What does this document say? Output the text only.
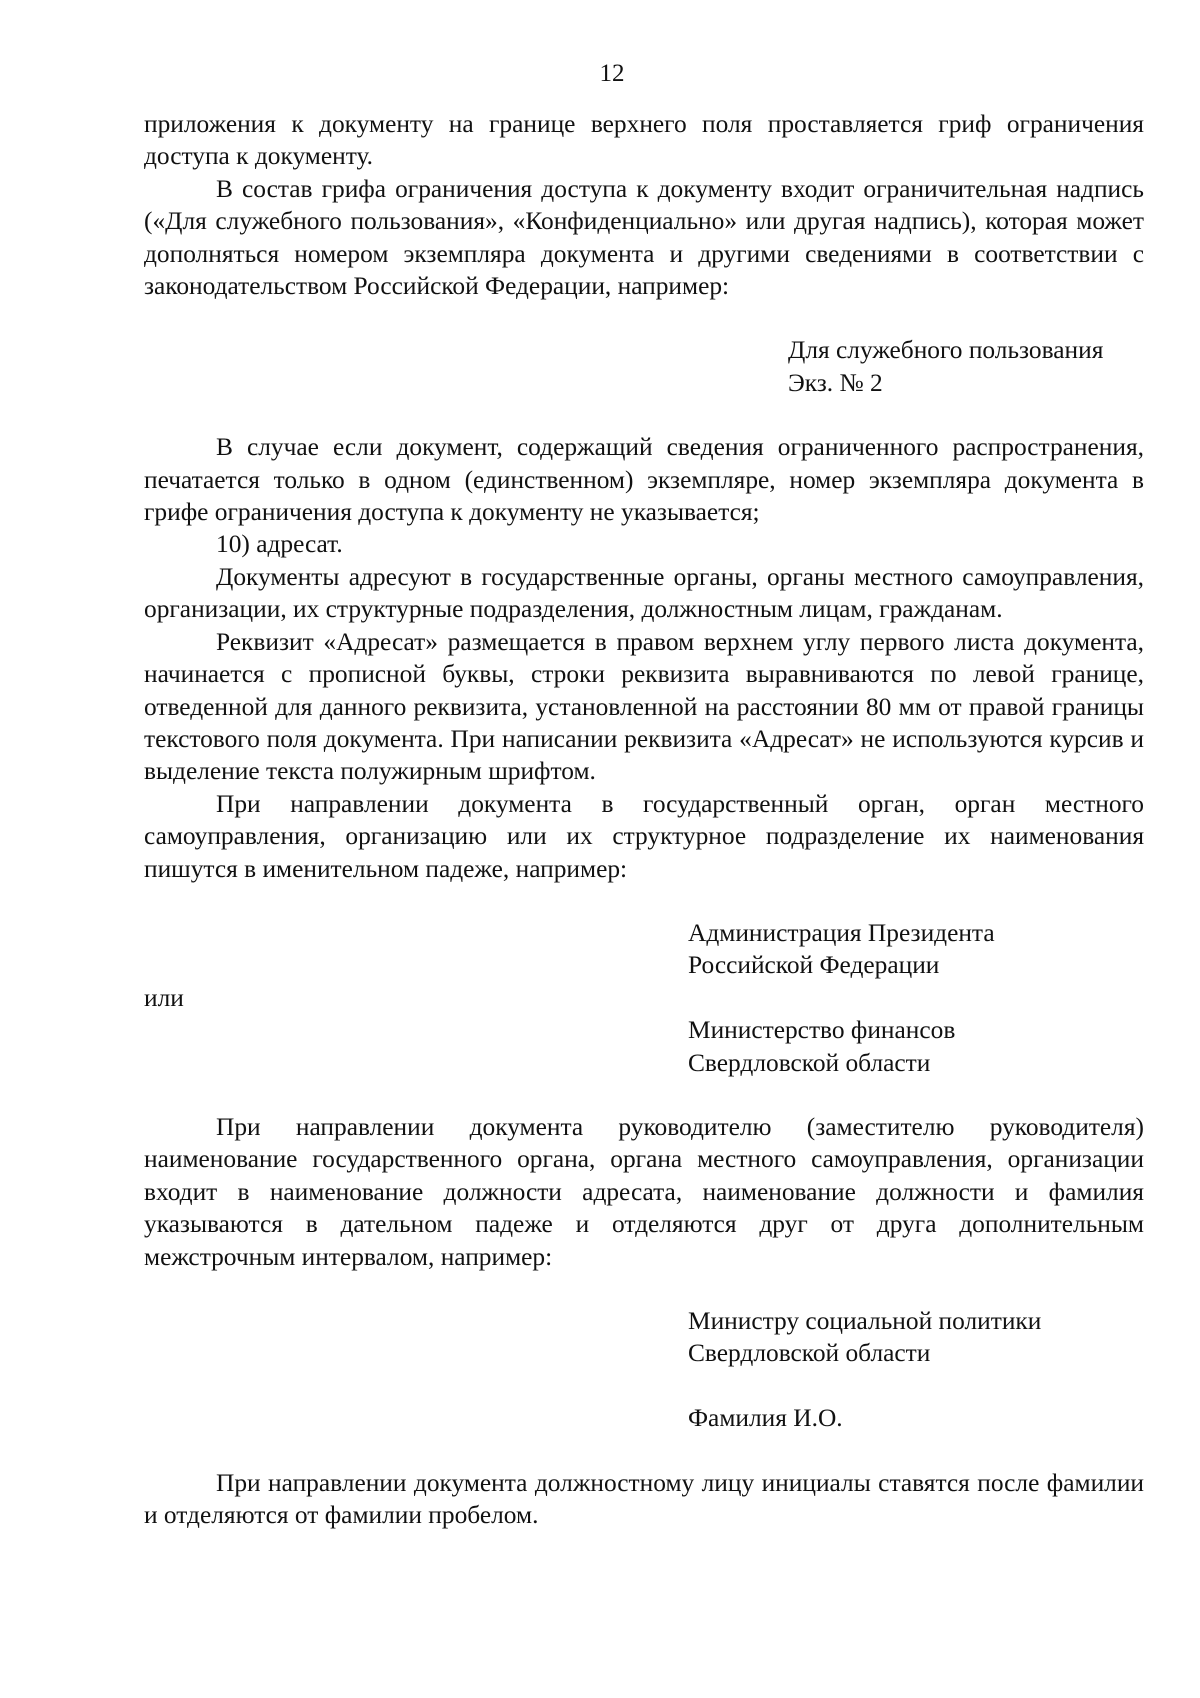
12

приложения к документу на границе верхнего поля проставляется гриф ограничения доступа к документу.

В состав грифа ограничения доступа к документу входит ограничительная надпись («Для служебного пользования», «Конфиденциально» или другая надпись), которая может дополняться номером экземпляра документа и другими сведениями в соответствии с законодательством Российской Федерации, например:

Для служебного пользования
Экз. № 2

В случае если документ, содержащий сведения ограниченного распространения, печатается только в одном (единственном) экземпляре, номер экземпляра документа в грифе ограничения доступа к документу не указывается;

10) адресат.

Документы адресуют в государственные органы, органы местного самоуправления, организации, их структурные подразделения, должностным лицам, гражданам.

Реквизит «Адресат» размещается в правом верхнем углу первого листа документа, начинается с прописной буквы, строки реквизита выравниваются по левой границе, отведенной для данного реквизита, установленной на расстоянии 80 мм от правой границы текстового поля документа. При написании реквизита «Адресат» не используются курсив и выделение текста полужирным шрифтом.

При направлении документа в государственный орган, орган местного самоуправления, организацию или их структурное подразделение их наименования пишутся в именительном падеже, например:

Администрация Президента
Российской Федерации

или

Министерство финансов
Свердловской области

При направлении документа руководителю (заместителю руководителя) наименование государственного органа, органа местного самоуправления, организации входит в наименование должности адресата, наименование должности и фамилия указываются в дательном падеже и отделяются друг от друга дополнительным межстрочным интервалом, например:

Министру социальной политики
Свердловской области
Фамилия И.О.

При направлении документа должностному лицу инициалы ставятся после фамилии и отделяются от фамилии пробелом.
